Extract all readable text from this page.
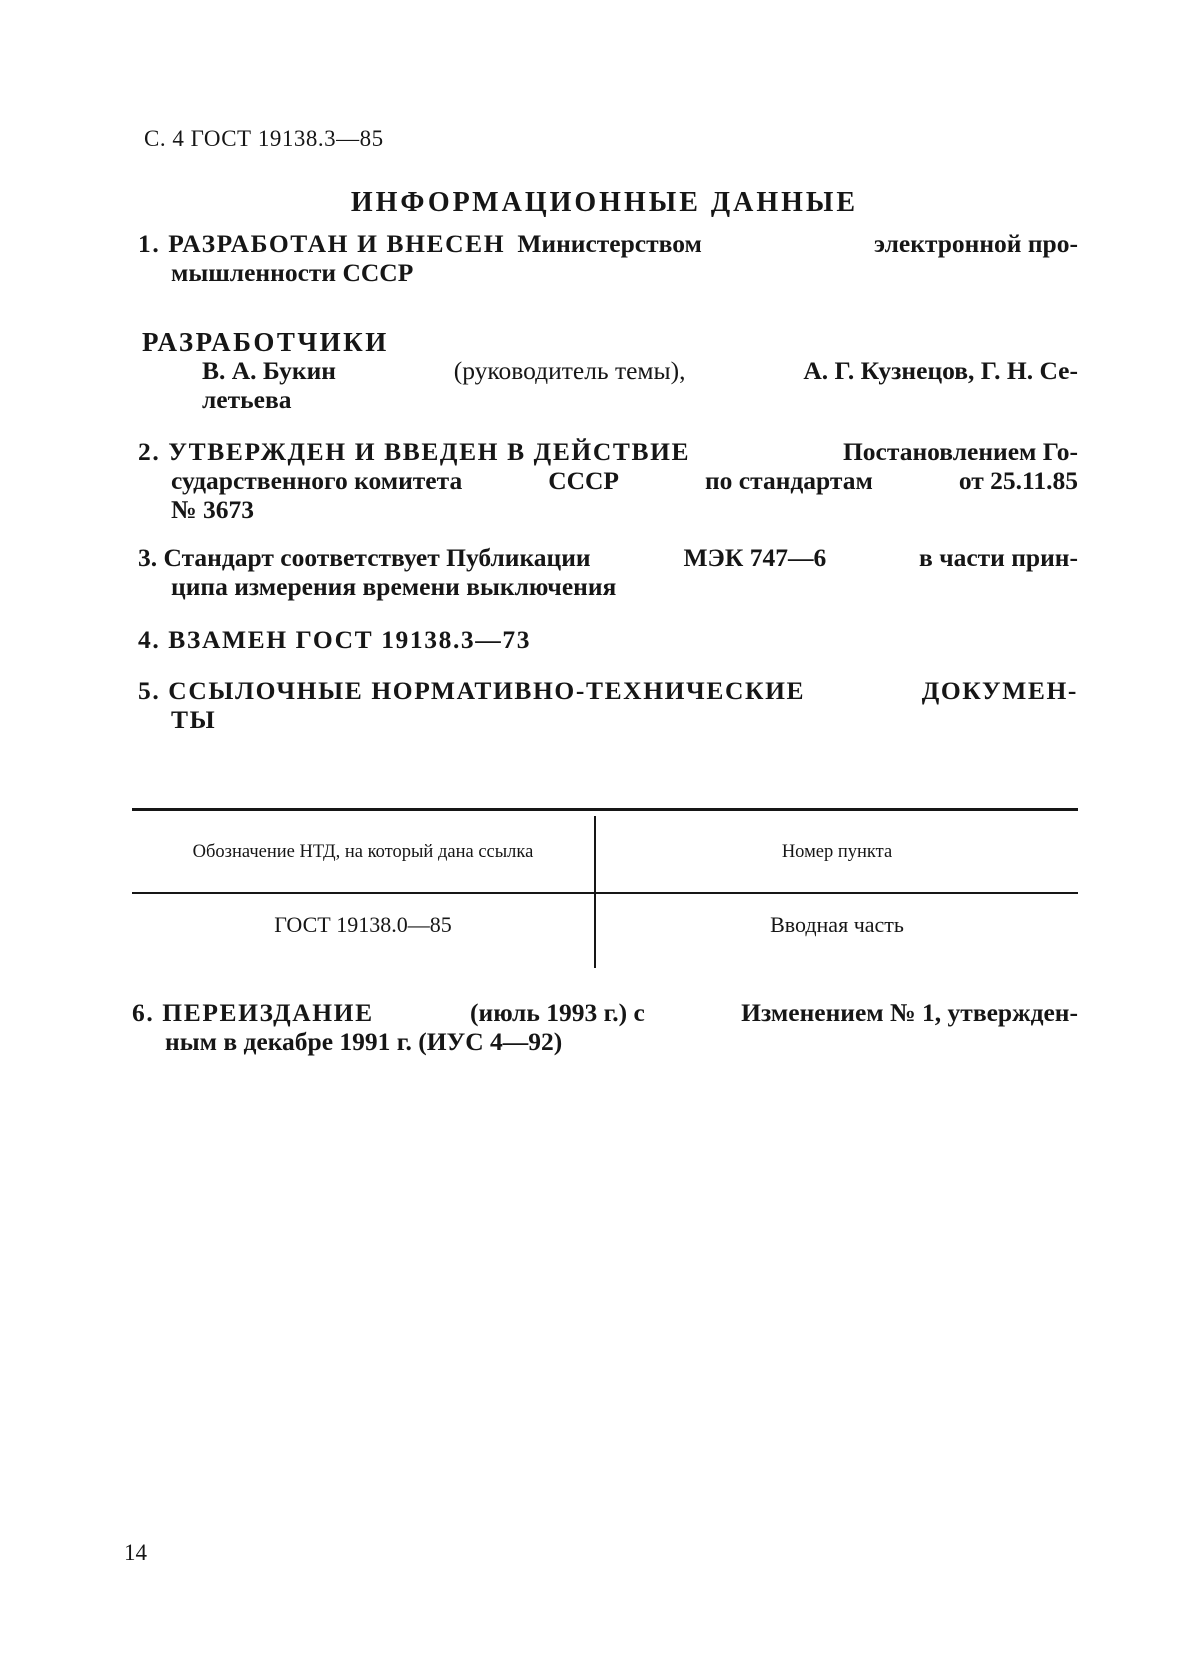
С. 4 ГОСТ 19138.3—85
ИНФОРМАЦИОННЫЕ ДАННЫЕ
1. РАЗРАБОТАН И ВНЕСЕН Министерством	электронной про-
мышленности СССР
РАЗРАБОТЧИКИ
В. А. Букин	(руководитель темы),	А. Г. Кузнецов, Г. Н. Се-
летьева
2. УТВЕРЖДЕН И ВВЕДЕН В ДЕЙСТВИЕ	Постановлением Го-
сударственного комитета	СССР	по стандартам	от 25.11.85
№ 3673
3. Стандарт соответствует Публикации	МЭК 747—6	в части прин-
ципа измерения времени выключения
4. ВЗАМЕН ГОСТ 19138.3—73
5. ССЫЛОЧНЫЕ НОРМАТИВНО-ТЕХНИЧЕСКИЕ	ДОКУМЕН-
ТЫ
Обозначение НТД, на который дана ссылка	Номер пункта
ГОСТ 19138.0—85	Вводная часть
6. ПЕРЕИЗДАНИЕ	(июль 1993 г.) с	Изменением № 1, утвержден-
ным в декабре 1991 г. (ИУС 4—92)
14
